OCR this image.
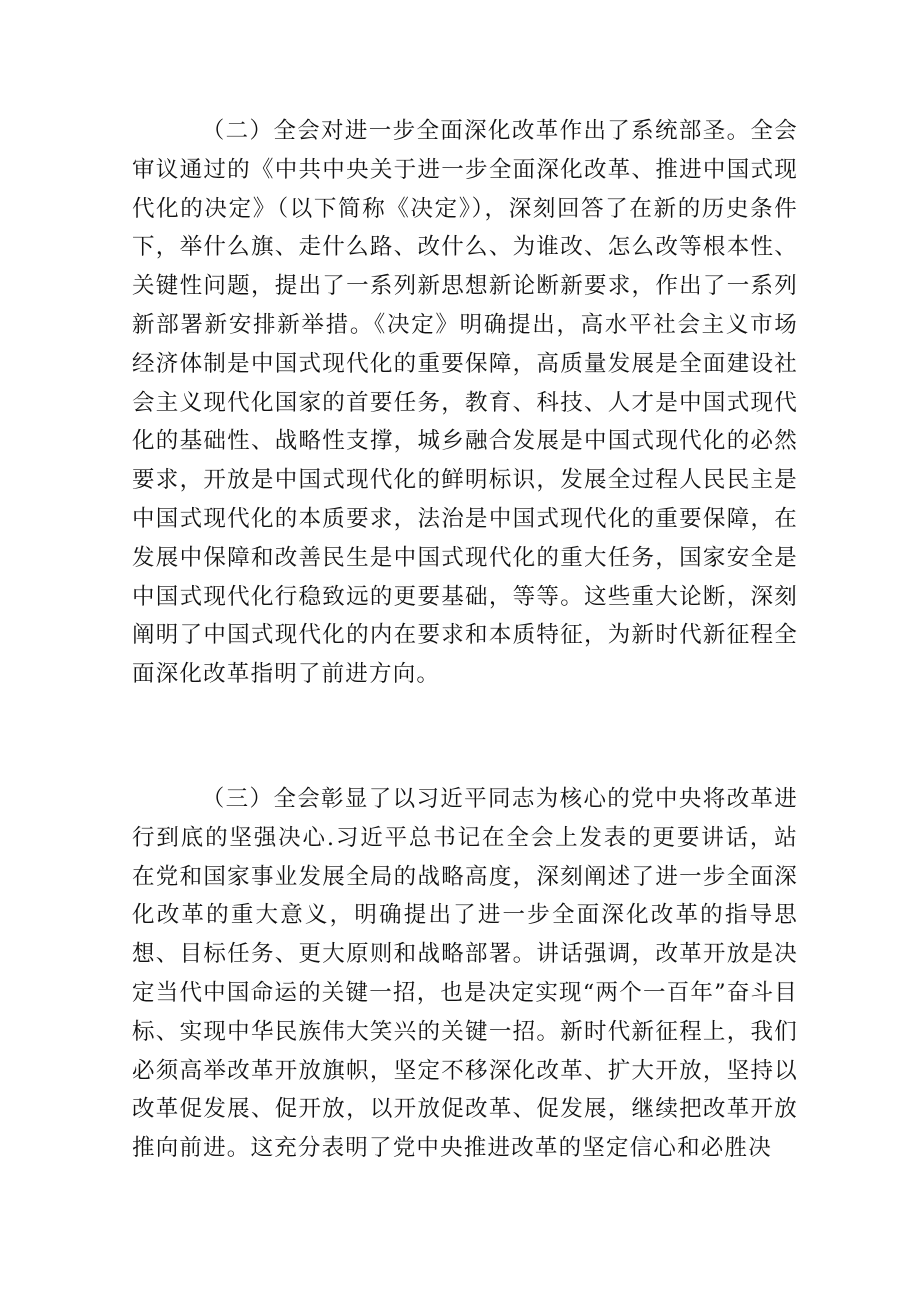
（二）全会对进一步全面深化改革作出了系统部圣。全会审议通过的《中共中央关于进一步全面深化改革、推进中国式现代化的决定》（以下简称《决定》），深刻回答了在新的历史条件下，举什么旗、走什么路、改什么、为谁改、怎么改等根本性、关键性问题，提出了一系列新思想新论断新要求，作出了一系列新部署新安排新举措。《决定》明确提出，高水平社会主义市场经济体制是中国式现代化的重要保障，高质量发展是全面建设社会主义现代化国家的首要任务，教育、科技、人才是中国式现代化的基础性、战略性支撑，城乡融合发展是中国式现代化的必然要求，开放是中国式现代化的鲜明标识，发展全过程人民民主是中国式现代化的本质要求，法治是中国式现代化的重要保障，在发展中保障和改善民生是中国式现代化的重大任务，国家安全是中国式现代化行稳致远的更要基础，等等。这些重大论断，深刻阐明了中国式现代化的内在要求和本质特征，为新时代新征程全面深化改革指明了前进方向。

（三）全会彰显了以习近平同志为核心的党中央将改革进行到底的坚强决心.习近平总书记在全会上发表的更要讲话，站在党和国家事业发展全局的战略高度，深刻阐述了进一步全面深化改革的重大意义，明确提出了进一步全面深化改革的指导思想、目标任务、更大原则和战略部署。讲话强调，改革开放是决定当代中国命运的关键一招，也是决定实现“两个一百年”奋斗目标、实现中华民族伟大笑兴的关键一招。新时代新征程上，我们必须高举改革开放旗帜，坚定不移深化改革、扩大开放，坚持以改革促发展、促开放，以开放促改革、促发展，继续把改革开放推向前进。这充分表明了党中央推进改革的坚定信心和必胜决
